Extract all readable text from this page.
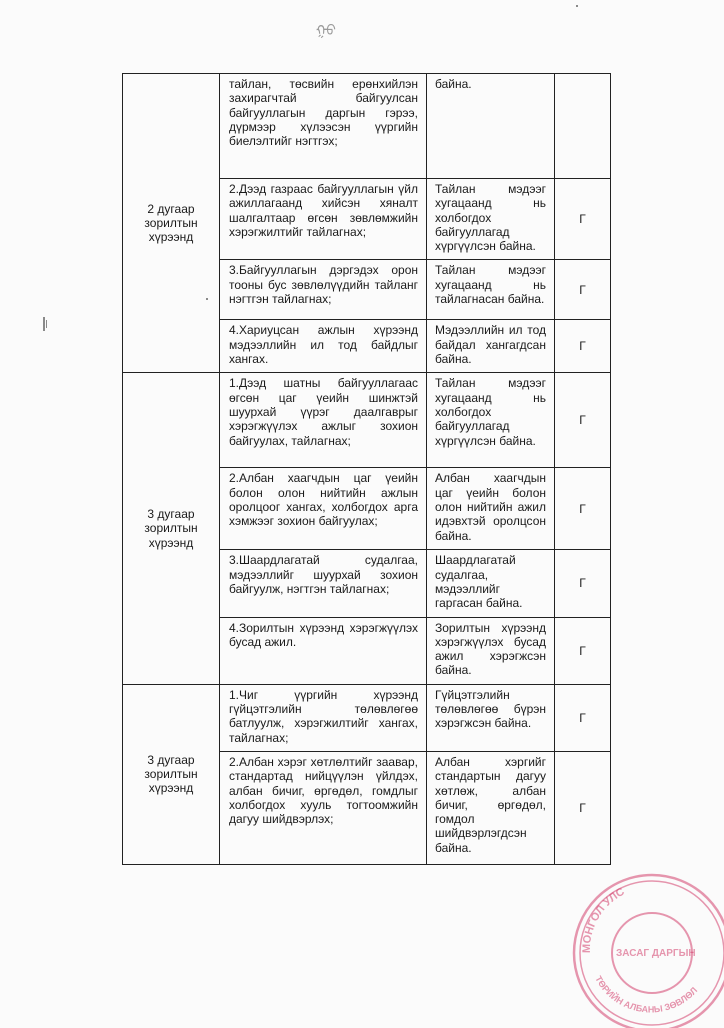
ᠬ᠋ᠥ
2 дугаар зорилтын хүрээнд	тайлан, төсвийн ерөнхийлэн захирагчтай байгуулсан байгууллагын даргын гэрээ, дүрмээр хүлээсэн үүргийн биелэлтийг нэгтгэх;	байна.	

	2.Дээд газраас байгууллагын үйл ажиллагаанд хийсэн хяналт шалгалтаар өгсөн зөвлөмжийн хэрэгжилтийг тайлагнах;	Тайлан мэдээг хугацаанд нь холбогдох байгууллагад хүргүүлсэн байна.	Г

	3.Байгууллагын дэргэдэх орон тооны бус зөвлөлүүдийн тайланг нэгтгэн тайлагнах;	Тайлан мэдээг хугацаанд нь тайлагнасан байна.	Г

	4.Хариуцсан ажлын хүрээнд мэдээллийн ил тод байдлыг хангах.	Мэдээллийн ил тод байдал хангагдсан байна.	Г
3 дугаар зорилтын хүрээнд	1.Дээд шатны байгууллагаас өгсөн цаг үеийн шинжтэй шуурхай үүрэг даалгаврыг хэрэгжүүлэх ажлыг зохион байгуулах, тайлагнах;	Тайлан мэдээг хугацаанд нь холбогдох байгууллагад хүргүүлсэн байна.	Г

	2.Албан хаагчдын цаг үеийн болон олон нийтийн ажлын оролцоог хангах, холбогдох арга хэмжээг зохион байгуулах;	Албан хаагчдын цаг үеийн болон олон нийтийн ажил идэвхтэй оролцсон байна.	Г

	3.Шаардлагатай судалгаа, мэдээллийг шуурхай зохион байгуулж, нэгтгэн тайлагнах;	Шаардлагатай судалгаа, мэдээллийг гаргасан байна.	Г

	4.Зорилтын хүрээнд хэрэгжүүлэх бусад ажил.	Зорилтын хүрээнд хэрэгжүүлэх бусад ажил хэрэгжсэн байна.	Г
3 дугаар зорилтын хүрээнд	1.Чиг үүргийн хүрээнд гүйцэтгэлийн төлөвлөгөө батлуулж, хэрэгжилтийг хангах, тайлагнах;	Гүйцэтгэлийн төлөвлөгөө бүрэн хэрэгжсэн байна.	Г

	2.Албан хэрэг хөтлөлтийг заавар, стандартад нийцүүлэн үйлдэх, албан бичиг, өргөдөл, гомдлыг холбогдох хууль тогтоомжийн дагуу шийдвэрлэх;	Албан хэргийг стандартын дагуу хөтлөж, албан бичиг, өргөдөл, гомдол шийдвэрлэгдсэн байна.	Г
МОНГОЛ УЛС
ЗАСАГ ДАРГЫН
ТӨРИЙН АЛБАНЫ ЗӨВЛӨЛ
